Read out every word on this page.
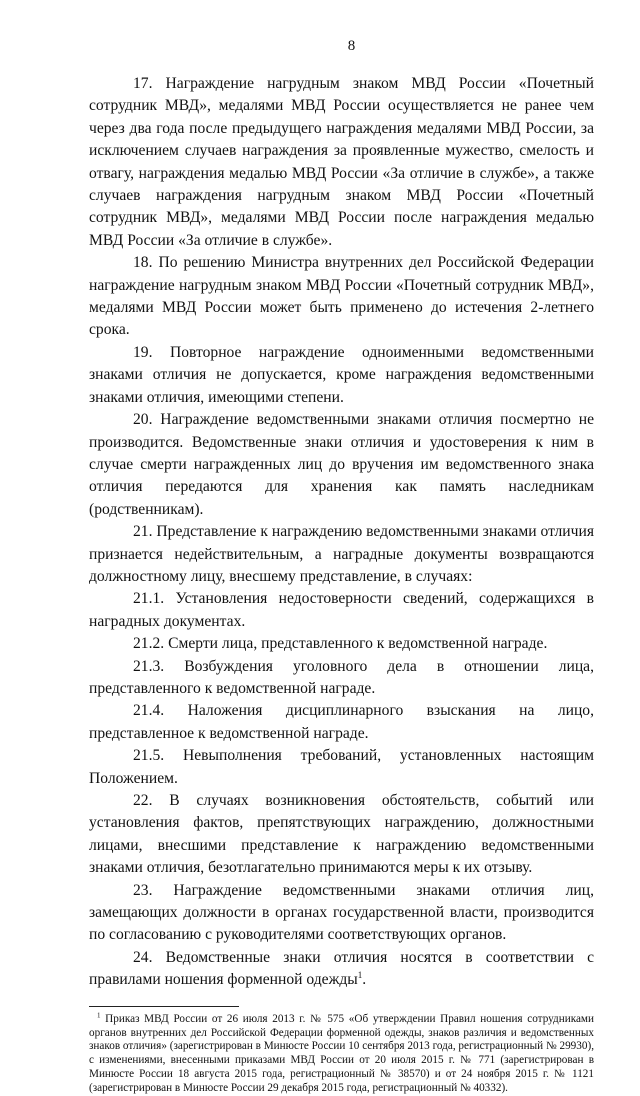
8

17. Награждение нагрудным знаком МВД России «Почетный сотрудник МВД», медалями МВД России осуществляется не ранее чем через два года после предыдущего награждения медалями МВД России, за исключением случаев награждения за проявленные мужество, смелость и отвагу, награждения медалью МВД России «За отличие в службе», а также случаев награждения нагрудным знаком МВД России «Почетный сотрудник МВД», медалями МВД России после награждения медалью МВД России «За отличие в службе».

18. По решению Министра внутренних дел Российской Федерации награждение нагрудным знаком МВД России «Почетный сотрудник МВД», медалями МВД России может быть применено до истечения 2-летнего срока.

19. Повторное награждение одноименными ведомственными знаками отличия не допускается, кроме награждения ведомственными знаками отличия, имеющими степени.

20. Награждение ведомственными знаками отличия посмертно не производится. Ведомственные знаки отличия и удостоверения к ним в случае смерти награжденных лиц до вручения им ведомственного знака отличия передаются для хранения как память наследникам (родственникам).

21. Представление к награждению ведомственными знаками отличия признается недействительным, а наградные документы возвращаются должностному лицу, внесшему представление, в случаях:

21.1. Установления недостоверности сведений, содержащихся в наградных документах.

21.2. Смерти лица, представленного к ведомственной награде.

21.3. Возбуждения уголовного дела в отношении лица, представленного к ведомственной награде.

21.4. Наложения дисциплинарного взыскания на лицо, представленное к ведомственной награде.

21.5. Невыполнения требований, установленных настоящим Положением.

22. В случаях возникновения обстоятельств, событий или установления фактов, препятствующих награждению, должностными лицами, внесшими представление к награждению ведомственными знаками отличия, безотлагательно принимаются меры к их отзыву.

23. Награждение ведомственными знаками отличия лиц, замещающих должности в органах государственной власти, производится по согласованию с руководителями соответствующих органов.

24. Ведомственные знаки отличия носятся в соответствии с правилами ношения форменной одежды$^1$.

$^1$ Приказ МВД России от 26 июля 2013 г. № 575 «Об утверждении Правил ношения сотрудниками органов внутренних дел Российской Федерации форменной одежды, знаков различия и ведомственных знаков отличия» (зарегистрирован в Минюсте России 10 сентября 2013 года, регистрационный № 29930), с изменениями, внесенными приказами МВД России от 20 июля 2015 г. № 771 (зарегистрирован в Минюсте России 18 августа 2015 года, регистрационный № 38570) и от 24 ноября 2015 г. № 1121 (зарегистрирован в Минюсте России 29 декабря 2015 года, регистрационный № 40332).
